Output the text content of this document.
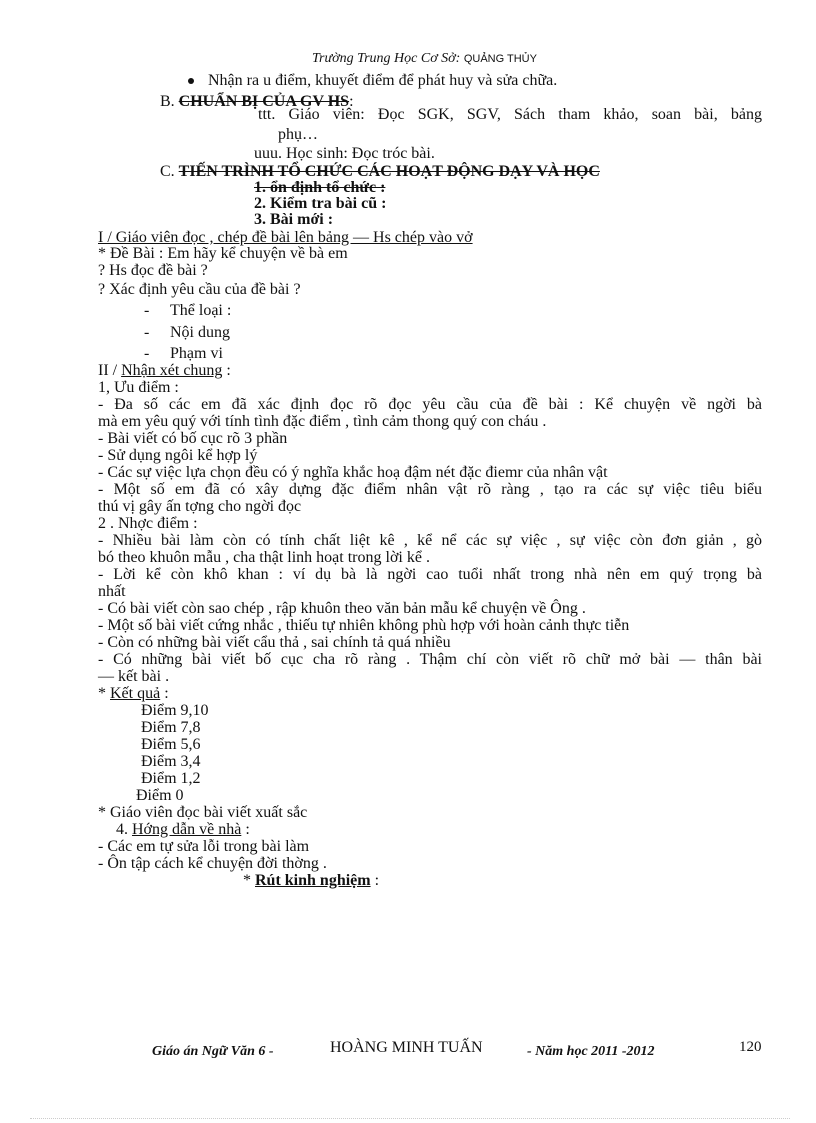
Trường Trung Học Cơ Sở: QUẢNG THỦY
Nhận ra u điểm, khuyết điểm để phát huy và sửa chữa.
B. CHUẨN BỊ CỦA GV HS:
ttt. Giáo viên: Đọc SGK, SGV, Sách tham khảo, soan bài, bảng
phụ…
uuu. Học sinh: Đọc tróc bài.
C. TIẾN TRÌNH TỔ CHỨC CÁC HOẠT ĐỘNG DẠY VÀ HỌC
1. ổn định tổ chức :
2. Kiểm tra bài cũ :
3. Bài mới :
I / Giáo viên đọc , chép đề bài lên bảng — Hs chép vào vở
* Đề Bài : Em hãy kể chuyện về bà em
? Hs đọc đề bài ?
? Xác định yêu cầu của đề bài ?
- Thể loại :
- Nội dung
- Phạm vi
II / Nhận xét chung :
1, Ưu điểm :
- Đa số các em đã xác định đọc rõ đọc yêu cầu của đề bài : Kể chuyện về ngời bà
mà em yêu quý với tính tình đặc điểm , tình cảm thong quý con cháu .
- Bài viết có bố cục rõ 3 phần
- Sử dụng ngôi kể hợp lý
- Các sự việc lựa chọn đều có ý nghĩa khắc hoạ đậm nét đặc điemr của nhân vật
- Một số em đã có xây dựng đặc điểm nhân vật rõ ràng , tạo ra các sự việc tiêu biểu
thú vị gây ấn tợng cho ngời đọc
2 . Nhợc điểm :
- Nhiều bài làm còn có tính chất liệt kê , kể nể các sự việc , sự việc còn đơn giản , gò
bó theo khuôn mẫu , cha thật linh hoạt trong lời kể .
- Lời kể còn khô khan : ví dụ bà là ngời cao tuổi nhất trong nhà nên em quý trọng bà
nhất
- Có bài viết còn sao chép , rập khuôn theo văn bản mẫu kể chuyện về Ông .
- Một số bài viết cứng nhắc , thiếu tự nhiên không phù hợp với hoàn cảnh thực tiễn
- Còn có những bài viết cẩu thả , sai chính tả quá nhiều
- Có những bài viết bố cục cha rõ ràng . Thậm chí còn viết rõ chữ mở bài — thân bài
— kết bài .
* Kết quả :
Điểm 9,10
Điểm 7,8
Điểm 5,6
Điểm 3,4
Điểm 1,2
Điểm 0
* Giáo viên đọc bài viết xuất sắc
4. Hớng dẫn về nhà :
- Các em tự sửa lỗi trong bài làm
- Ôn tập cách kể chuyện đời thờng .
* Rút kinh nghiệm :
Giáo án Ngữ Văn 6 -	HOÀNG MINH TUẤN	- Năm học 2011 -2012	120
